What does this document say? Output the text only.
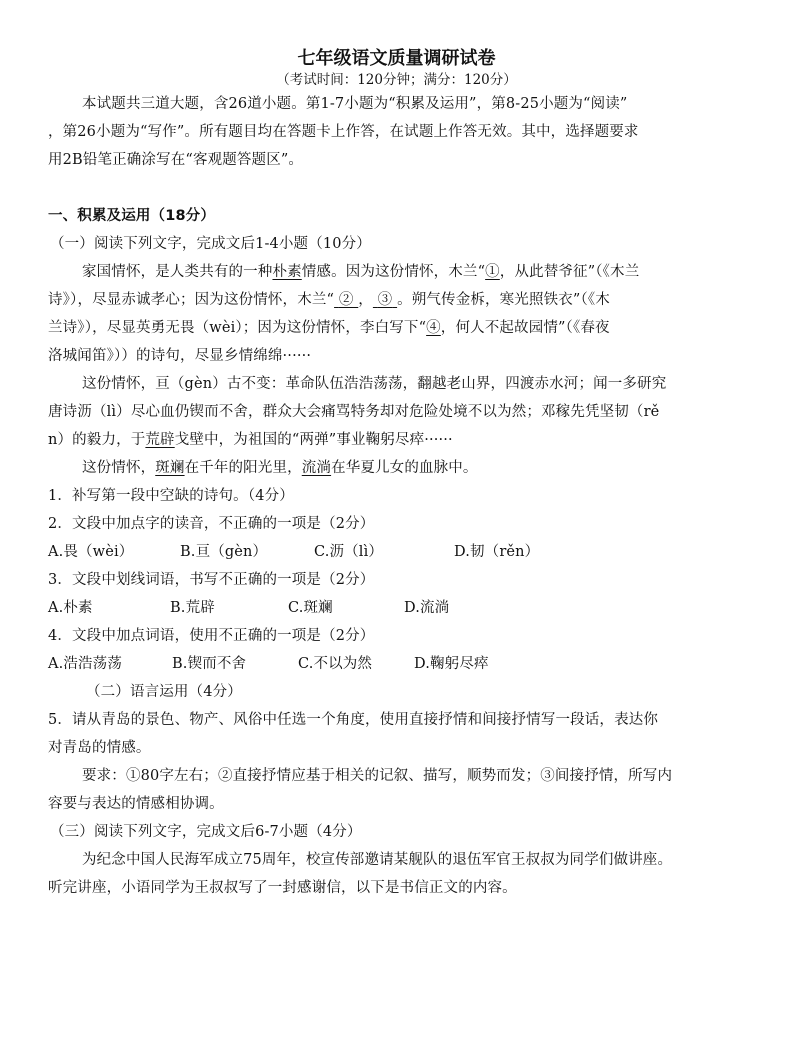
七年级语文质量调研试卷
（考试时间：120分钟；满分：120分）
本试题共三道大题，含26道小题。第1-7小题为“积累及运用”，第8-25小题为“阅读”
，第26小题为“写作”。所有题目均在答题卡上作答，在试题上作答无效。其中，选择题要求
用2B铅笔正确涂写在“客观题答题区”。
一、积累及运用（18分）
（一）阅读下列文字，完成文后1-4小题（10分）
家国情怀，是人类共有的一种朴素情感。因为这份情怀，木兰“①，从此替爷征”（《木兰
诗》），尽显赤诚孝心；因为这份情怀，木兰“ ② ， ③ 。朔气传金柝，寒光照铁衣”（《木
兰诗》），尽显英勇无畏（wèi）；因为这份情怀，李白写下“④，何人不起故园情”（《春夜
洛城闻笛》））的诗句，尽显乡情绵绵······
这份情怀，亘（gèn）古不变：革命队伍浩浩荡荡，翻越老山界，四渡赤水河；闻一多研究
唐诗沥（lì）尽心血仍锲而不舍，群众大会痛骂特务却对危险处境不以为然；邓稼先凭坚韧（rě
n）的毅力，于荒辟戈壁中，为祖国的“两弹”事业鞠躬尽瘁······
这份情怀，斑斓在千年的阳光里，流淌在华夏儿女的血脉中。
1．补写第一段中空缺的诗句。（4分）
2．文段中加点字的读音，不正确的一项是（2分）
A.畏（wèi）	B.亘（gèn）	C.沥（lì）	D.韧（rěn）
3．文段中划线词语，书写不正确的一项是（2分）
A.朴素	B.荒辟	C.斑斓	D.流淌
4．文段中加点词语，使用不正确的一项是（2分）
A.浩浩荡荡	B.锲而不舍	C.不以为然	D.鞠躬尽瘁
（二）语言运用（4分）
5．请从青岛的景色、物产、风俗中任选一个角度，使用直接抒情和间接抒情写一段话，表达你
对青岛的情感。
要求：①80字左右；②直接抒情应基于相关的记叙、描写，顺势而发；③间接抒情，所写内
容要与表达的情感相协调。
（三）阅读下列文字，完成文后6-7小题（4分）
为纪念中国人民海军成立75周年，校宣传部邀请某舰队的退伍军官王叔叔为同学们做讲座。
听完讲座，小语同学为王叔叔写了一封感谢信，以下是书信正文的内容。
